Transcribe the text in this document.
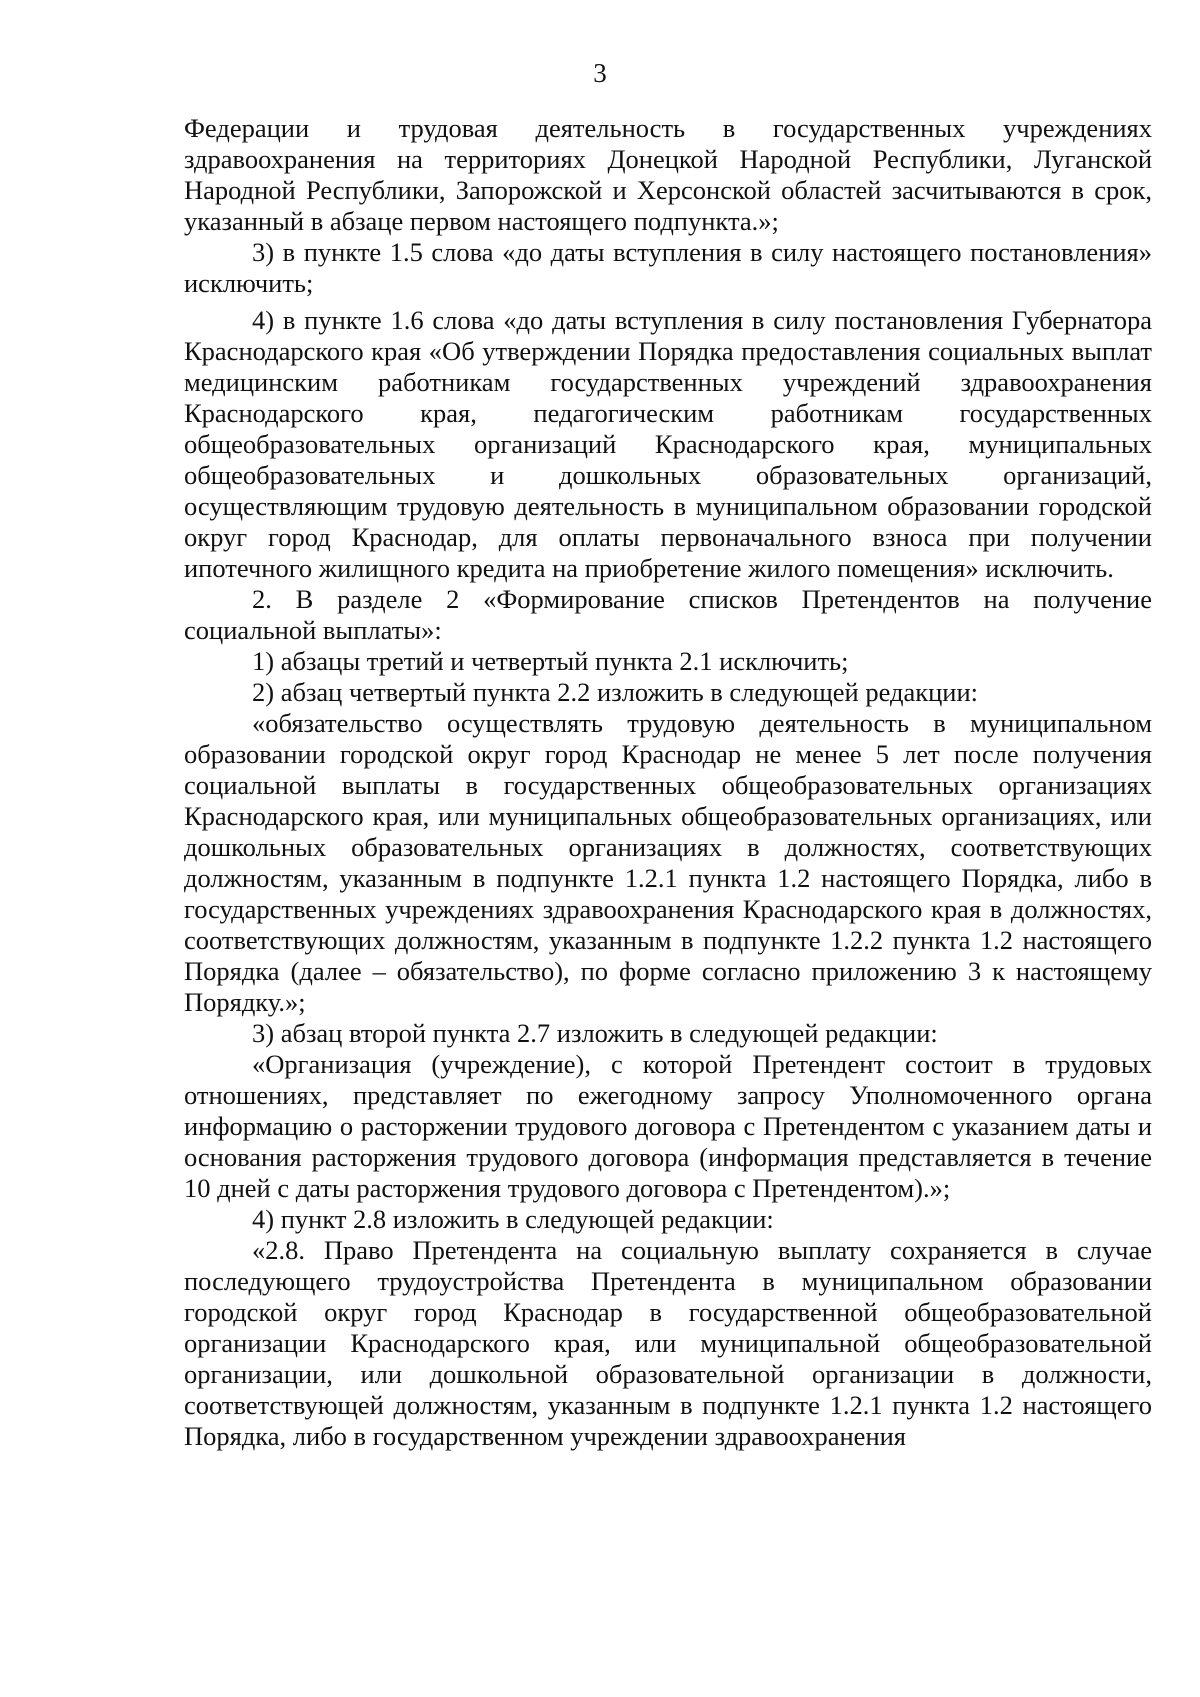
3

Федерации и трудовая деятельность в государственных учреждениях здравоохранения на территориях Донецкой Народной Республики, Луганской Народной Республики, Запорожской и Херсонской областей засчитываются в срок, указанный в абзаце первом настоящего подпункта.»;

3) в пункте 1.5 слова «до даты вступления в силу настоящего постановления» исключить;

4) в пункте 1.6 слова «до даты вступления в силу постановления Губернатора Краснодарского края «Об утверждении Порядка предоставления социальных выплат медицинским работникам государственных учреждений здравоохранения Краснодарского края, педагогическим работникам государственных общеобразовательных организаций Краснодарского края, муниципальных общеобразовательных и дошкольных образовательных организаций, осуществляющим трудовую деятельность в муниципальном образовании городской округ город Краснодар, для оплаты первоначального взноса при получении ипотечного жилищного кредита на приобретение жилого помещения» исключить.

2. В разделе 2 «Формирование списков Претендентов на получение социальной выплаты»:

1) абзацы третий и четвертый пункта 2.1 исключить;

2) абзац четвертый пункта 2.2 изложить в следующей редакции:

«обязательство осуществлять трудовую деятельность в муниципальном образовании городской округ город Краснодар не менее 5 лет после получения социальной выплаты в государственных общеобразовательных организациях Краснодарского края, или муниципальных общеобразовательных организациях, или дошкольных образовательных организациях в должностях, соответствующих должностям, указанным в подпункте 1.2.1 пункта 1.2 настоящего Порядка, либо в государственных учреждениях здравоохранения Краснодарского края в должностях, соответствующих должностям, указанным в подпункте 1.2.2 пункта 1.2 настоящего Порядка (далее – обязательство), по форме согласно приложению 3 к настоящему Порядку.»;

3) абзац второй пункта 2.7 изложить в следующей редакции:

«Организация (учреждение), с которой Претендент состоит в трудовых отношениях, представляет по ежегодному запросу Уполномоченного органа информацию о расторжении трудового договора с Претендентом с указанием даты и основания расторжения трудового договора (информация представляется в течение 10 дней с даты расторжения трудового договора с Претендентом).»;

4) пункт 2.8 изложить в следующей редакции:

«2.8. Право Претендента на социальную выплату сохраняется в случае последующего трудоустройства Претендента в муниципальном образовании городской округ город Краснодар в государственной общеобразовательной организации Краснодарского края, или муниципальной общеобразовательной организации, или дошкольной образовательной организации в должности, соответствующей должностям, указанным в подпункте 1.2.1 пункта 1.2 настоящего Порядка, либо в государственном учреждении здравоохранения
